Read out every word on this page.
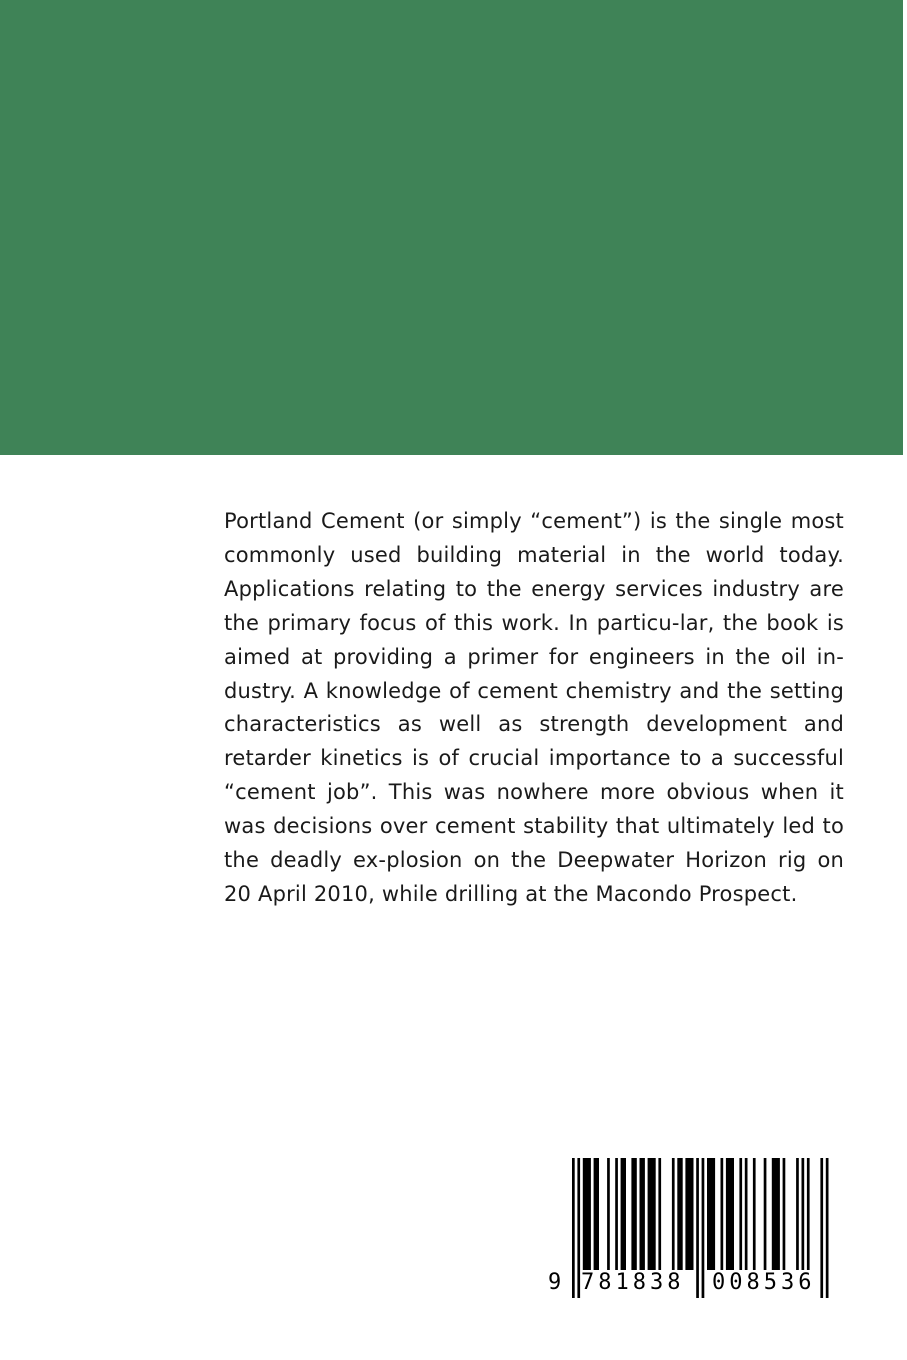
Portland Cement (or simply “cement”) is the single most commonly used building material in the world today. Applications relating to the energy services industry are the primary focus of this work. In particu-lar, the book is aimed at providing a primer for engineers in the oil in-dustry. A knowledge of cement chemistry and the setting characteristics as well as strength development and retarder kinetics is of crucial importance to a successful “cement job”. This was nowhere more obvious when it was decisions over cement stability that ultimately led to the deadly ex-plosion on the Deepwater Horizon rig on 20 April 2010, while drilling at the Macondo Prospect.

9 781838 008536
